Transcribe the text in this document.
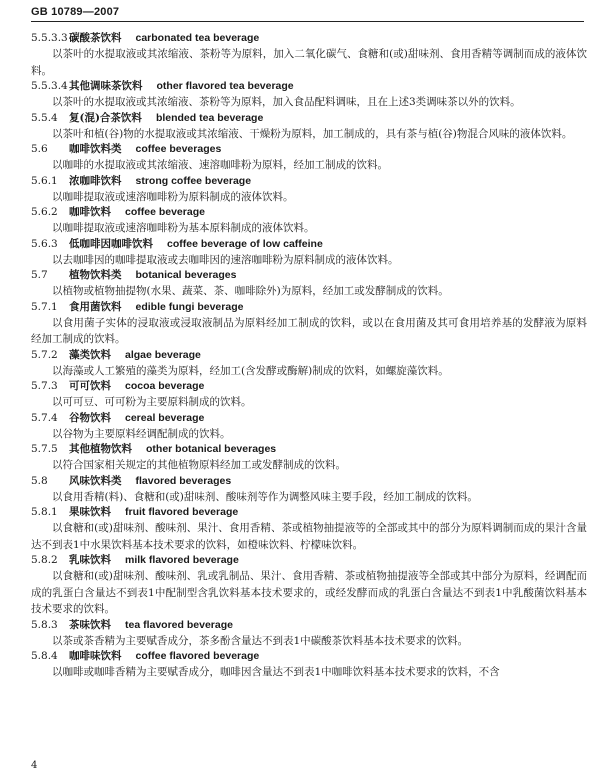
GB 10789—2007
5.5.3.3碳酸茶饮料 carbonated tea beverage

以茶叶的水提取液或其浓缩液、茶粉等为原料，加入二氧化碳气、食糖和(或)甜味剂、食用香精等调制而成的液体饮料。

5.5.3.4其他调味茶饮料 other flavored tea beverage

以茶叶的水提取液或其浓缩液、茶粉等为原料，加入食品配料调味，且在上述3类调味茶以外的饮料。

5.5.4 复(混)合茶饮料 blended tea beverage

以茶叶和植(谷)物的水提取液或其浓缩液、干燥粉为原料，加工制成的，具有茶与植(谷)物混合风味的液体饮料。

5.6 咖啡饮料类 coffee beverages

以咖啡的水提取液或其浓缩液、速溶咖啡粉为原料，经加工制成的饮料。

5.6.1 浓咖啡饮料 strong coffee beverage

以咖啡提取液或速溶咖啡粉为原料制成的液体饮料。

5.6.2 咖啡饮料 coffee beverage

以咖啡提取液或速溶咖啡粉为基本原料制成的液体饮料。

5.6.3 低咖啡因咖啡饮料 coffee beverage of low caffeine

以去咖啡因的咖啡提取液或去咖啡因的速溶咖啡粉为原料制成的液体饮料。

5.7 植物饮料类 botanical beverages

以植物或植物抽提物(水果、蔬菜、茶、咖啡除外)为原料，经加工或发酵制成的饮料。

5.7.1 食用菌饮料 edible fungi beverage

以食用菌子实体的浸取液或浸取液制品为原料经加工制成的饮料，或以在食用菌及其可食用培养基的发酵液为原料经加工制成的饮料。

5.7.2 藻类饮料 algae beverage

以海藻或人工繁殖的藻类为原料，经加工(含发酵或酶解)制成的饮料，如螺旋藻饮料。

5.7.3 可可饮料 cocoa beverage

以可可豆、可可粉为主要原料制成的饮料。

5.7.4 谷物饮料 cereal beverage

以谷物为主要原料经调配制成的饮料。

5.7.5 其他植物饮料 other botanical beverages

以符合国家相关规定的其他植物原料经加工或发酵制成的饮料。

5.8 风味饮料类 flavored beverages

以食用香精(料)、食糖和(或)甜味剂、酸味剂等作为调整风味主要手段，经加工制成的饮料。

5.8.1 果味饮料 fruit flavored beverage

以食糖和(或)甜味剂、酸味剂、果汁、食用香精、茶或植物抽提液等的全部或其中的部分为原料调制而成的果汁含量达不到表1中水果饮料基本技术要求的饮料，如橙味饮料、柠檬味饮料。

5.8.2 乳味饮料 milk flavored beverage

以食糖和(或)甜味剂、酸味剂、乳或乳制品、果汁、食用香精、茶或植物抽提液等全部或其中部分为原料，经调配而成的乳蛋白含量达不到表1中配制型含乳饮料基本技术要求的，或经发酵而成的乳蛋白含量达不到表1中乳酸菌饮料基本技术要求的饮料。

5.8.3 茶味饮料 tea flavored beverage

以茶或茶香精为主要赋香成分，茶多酚含量达不到表1中碳酸茶饮料基本技术要求的饮料。

5.8.4 咖啡味饮料 coffee flavored beverage

以咖啡或咖啡香精为主要赋香成分，咖啡因含量达不到表1中咖啡饮料基本技术要求的饮料，不含

4
